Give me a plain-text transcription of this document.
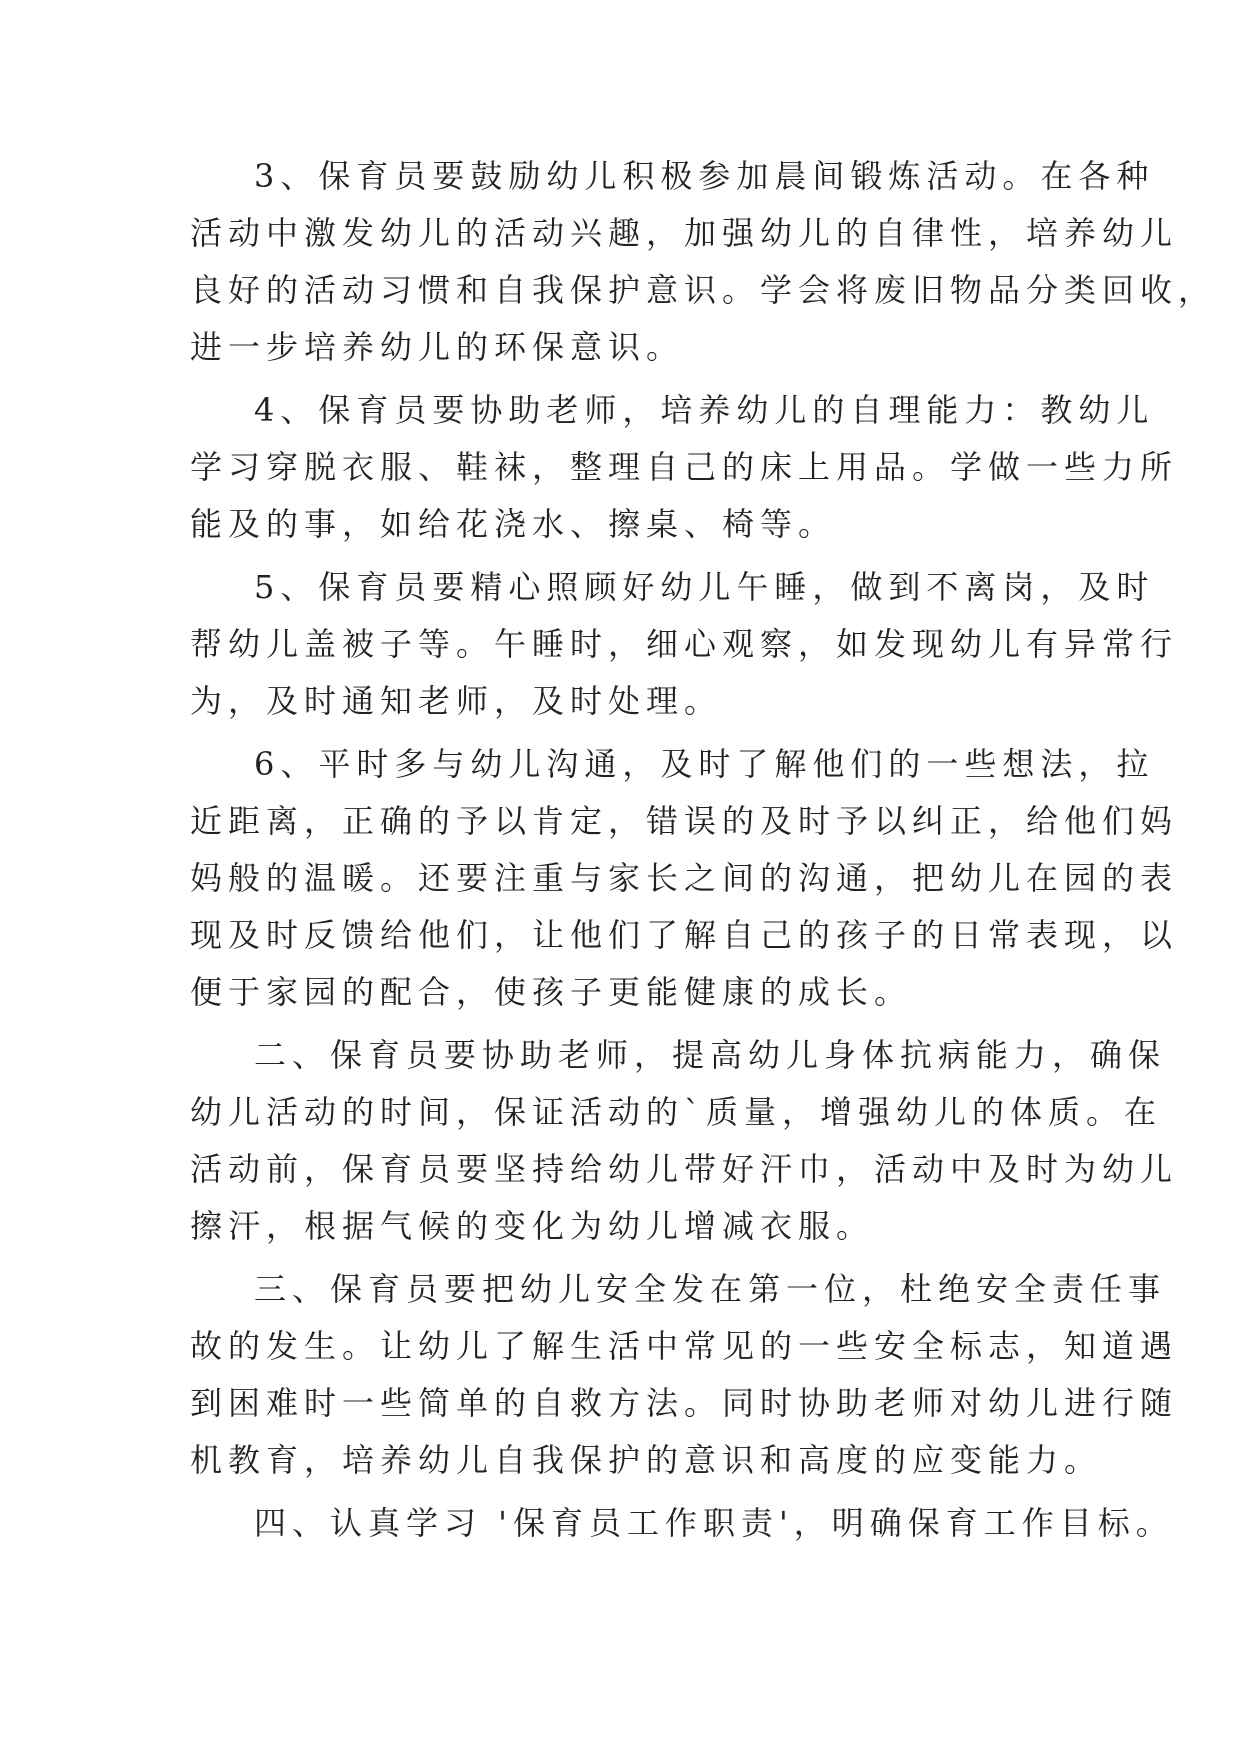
3、保育员要鼓励幼儿积极参加晨间锻炼活动。在各种
活动中激发幼儿的活动兴趣，加强幼儿的自律性，培养幼儿
良好的活动习惯和自我保护意识。学会将废旧物品分类回收，
进一步培养幼儿的环保意识。
4、保育员要协助老师，培养幼儿的自理能力：教幼儿
学习穿脱衣服、鞋袜，整理自己的床上用品。学做一些力所
能及的事，如给花浇水、擦桌、椅等。
5、保育员要精心照顾好幼儿午睡，做到不离岗，及时
帮幼儿盖被子等。午睡时，细心观察，如发现幼儿有异常行
为，及时通知老师，及时处理。
6、平时多与幼儿沟通，及时了解他们的一些想法，拉
近距离，正确的予以肯定，错误的及时予以纠正，给他们妈
妈般的温暖。还要注重与家长之间的沟通，把幼儿在园的表
现及时反馈给他们，让他们了解自己的孩子的日常表现，以
便于家园的配合，使孩子更能健康的成长。
二、保育员要协助老师，提高幼儿身体抗病能力，确保
幼儿活动的时间，保证活动的`质量，增强幼儿的体质。在
活动前，保育员要坚持给幼儿带好汗巾，活动中及时为幼儿
擦汗，根据气候的变化为幼儿增减衣服。
三、保育员要把幼儿安全发在第一位，杜绝安全责任事
故的发生。让幼儿了解生活中常见的一些安全标志，知道遇
到困难时一些简单的自救方法。同时协助老师对幼儿进行随
机教育，培养幼儿自我保护的意识和高度的应变能力。
四、认真学习 '保育员工作职责'，明确保育工作目标。
